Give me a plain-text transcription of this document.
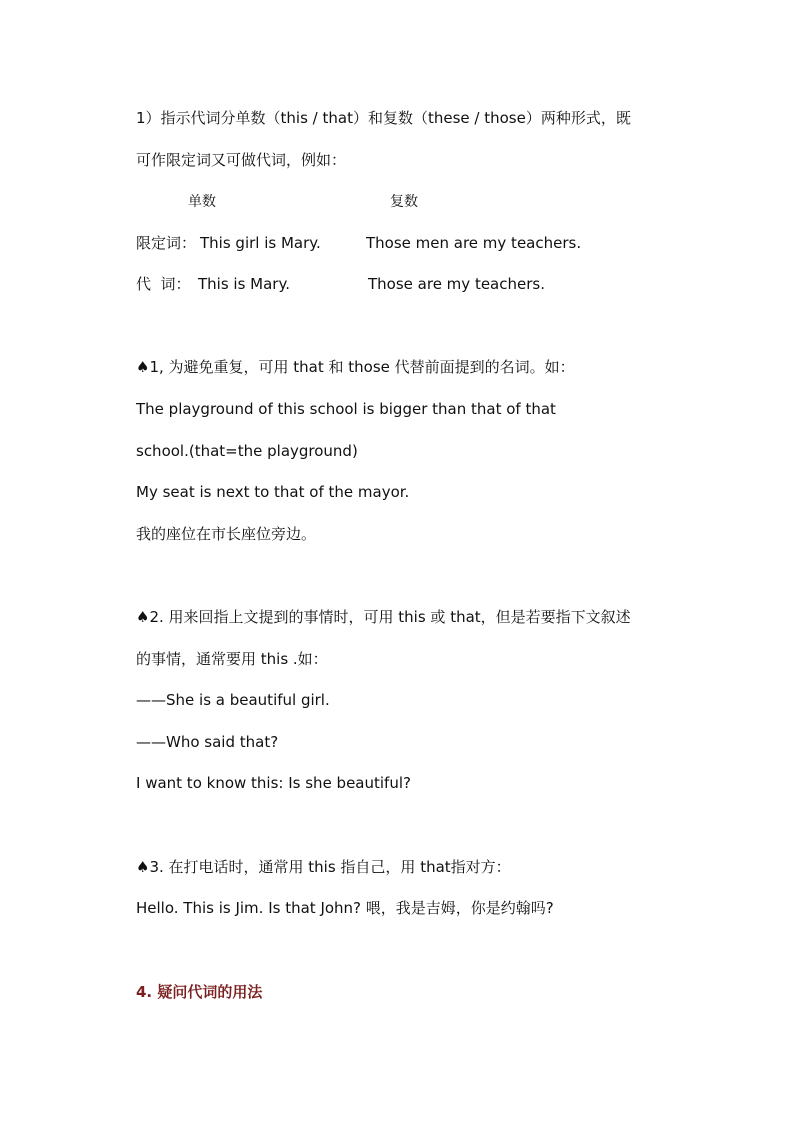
1）指示代词分单数（this / that）和复数（these / those）两种形式，既
可作限定词又可做代词，例如：
单数	复数
限定词： This girl is Mary.	Those men are my teachers.
代  词： This is Mary.	Those are my teachers.
♠1, 为避免重复，可用 that 和 those 代替前面提到的名词。如：
The playground of this school is bigger than that of that
school.(that=the playground)
My seat is next to that of the mayor.
我的座位在市长座位旁边。
♠2. 用来回指上文提到的事情时，可用 this 或 that，但是若要指下文叙述
的事情，通常要用 this .如：
——She is a beautiful girl.
——Who said that?
I want to know this: Is she beautiful?
♠3. 在打电话时，通常用 this 指自己，用 that指对方：
Hello. This is Jim. Is that John? 喂，我是吉姆，你是约翰吗?
4. 疑问代词的用法
